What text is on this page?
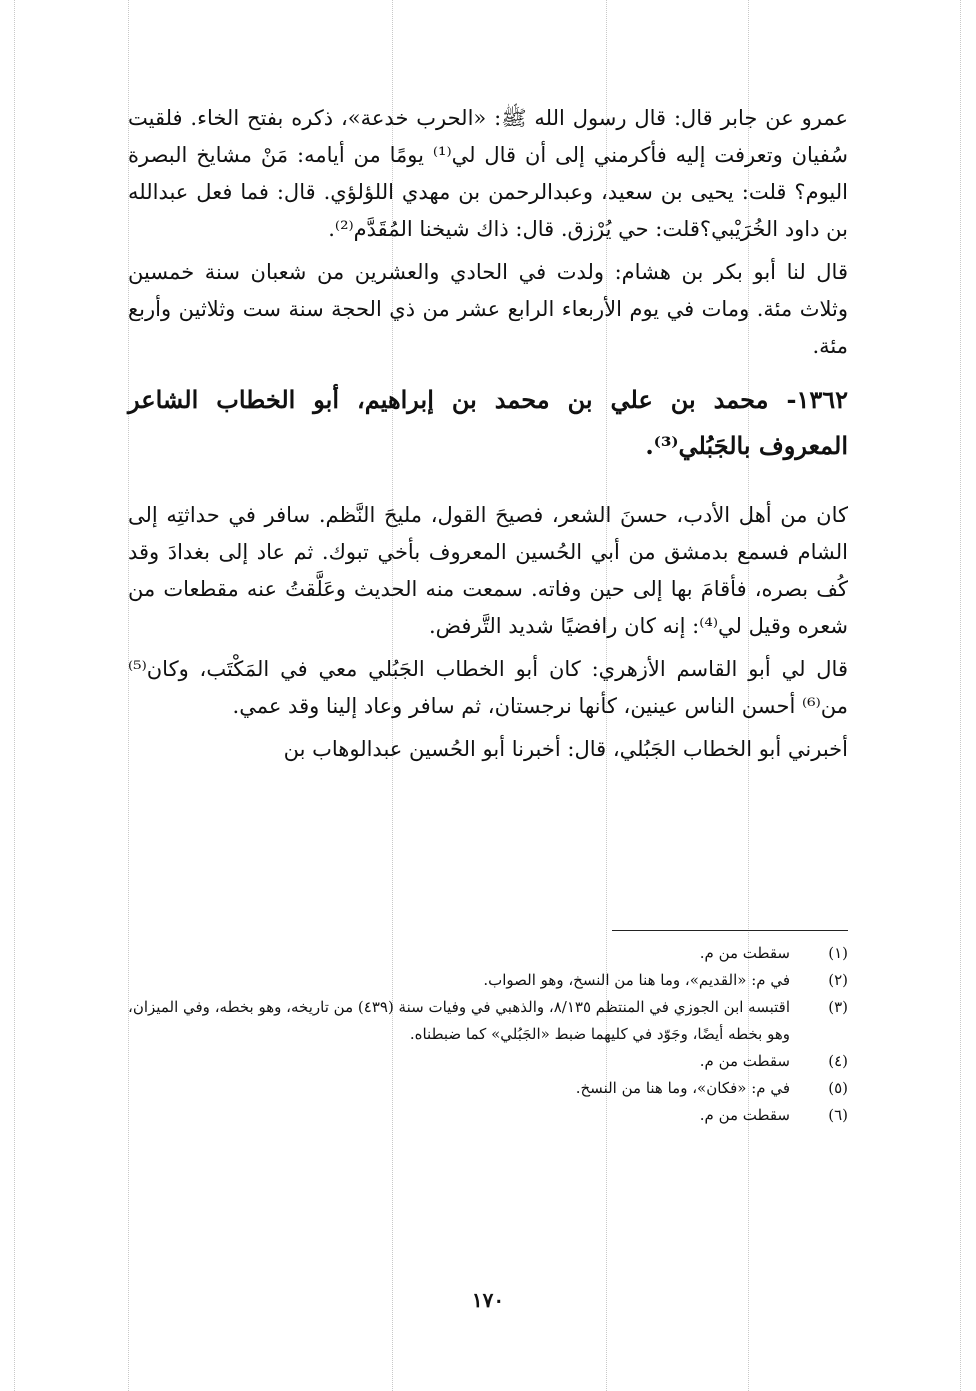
عمرو عن جابر قال: قال رسول الله ﷺ: «الحرب خدعة»، ذكره بفتح الخاء. فلقيت سُفيان وتعرفت إليه فأكرمني إلى أن قال لي⁽¹⁾ يومًا من أيامه: مَنْ مشايخ البصرة اليوم؟ قلت: يحيى بن سعيد، وعبدالرحمن بن مهدي اللؤلؤي. قال: فما فعل عبدالله بن داود الخُرَيْبي؟قلت: حي يُرْزق. قال: ذاك شيخنا المُقَدَّم⁽²⁾.

قال لنا أبو بكر بن هشام: ولدت في الحادي والعشرين من شعبان سنة خمسين وثلاث مئة. ومات في يوم الأربعاء الرابع عشر من ذي الحجة سنة ست وثلاثين وأربع مئة.

١٣٦٢- محمد بن علي بن محمد بن إبراهيم، أبو الخطاب الشاعر المعروف بالجَبُلي⁽³⁾.

كان من أهل الأدب، حسنَ الشعر، فصيحَ القول، مليحَ النَّظم. سافر في حداثتِه إلى الشام فسمع بدمشق من أبي الحُسين المعروف بأخي تبوك. ثم عاد إلى بغدادَ وقد كُف بصره، فأقامَ بها إلى حين وفاته. سمعت منه الحديث وعَلَّقتُ عنه مقطعات من شعره وقيل لي⁽⁴⁾: إنه كان رافضيًا شديد التَّرفض.

قال لي أبو القاسم الأزهري: كان أبو الخطاب الجَبُلي معي في المَكْتَب، وكان⁽⁵⁾ من⁽⁶⁾ أحسن الناس عينين، كأنها نرجستان، ثم سافر وعاد إلينا وقد عمي.

أخبرني أبو الخطاب الجَبُلي، قال: أخبرنا أبو الحُسين عبدالوهاب بن

(١)
سقطت من م.
(٢)
في م: «القديم»، وما هنا من النسخ، وهو الصواب.
(٣)
اقتبسه ابن الجوزي في المنتظم ٨/١٣٥، والذهبي في وفيات سنة (٤٣٩) من تاريخه، وهو بخطه، وفي الميزان، وهو بخطه أيضًا، وجَوّد في كليهما ضبط «الجَبُلي» كما ضبطناه.
(٤)
سقطت من م.
(٥)
في م: «فكان»، وما هنا من النسخ.
(٦)
سقطت من م.
١٧٠
